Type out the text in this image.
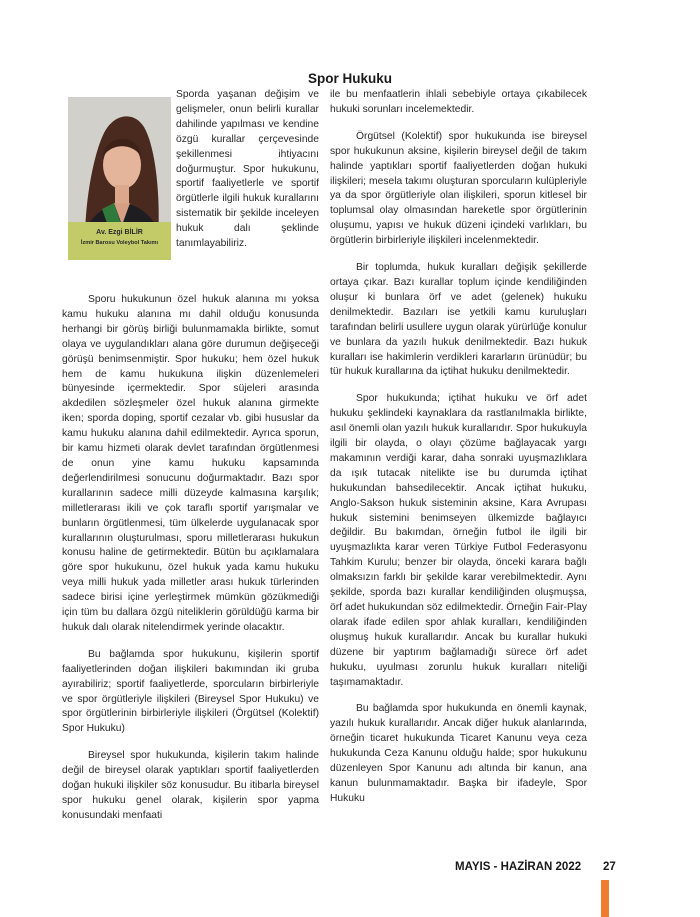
Spor Hukuku
Av. Ezgi BİLİR
İzmir Barosu Voleybol Takımı

Sporda yaşanan değişim ve gelişmeler, onun belirli kurallar dahilinde yapılması ve kendine özgü kurallar çerçevesinde şekillenmesi ihtiyacını doğurmuştur. Spor hukukunu, sportif faaliyetlerle ve sportif örgütlerle ilgili hukuk kurallarını sistematik bir şekilde inceleyen hukuk dalı şeklinde tanımlayabiliriz.

Sporu hukukunun özel hukuk alanına mı yoksa kamu hukuku alanına mı dahil olduğu konusunda herhangi bir görüş birliği bulunmamakla birlikte, somut olaya ve uygulandıkları alana göre durumun değişeceği görüşü benimsenmiştir. Spor hukuku; hem özel hukuk hem de kamu hukukuna ilişkin düzenlemeleri bünyesinde içermektedir. Spor süjeleri arasında akdedilen sözleşmeler özel hukuk alanına girmekte iken; sporda doping, sportif cezalar vb. gibi hususlar da kamu hukuku alanına dahil edilmektedir. Ayrıca sporun, bir kamu hizmeti olarak devlet tarafından örgütlenmesi de onun yine kamu hukuku kapsamında değerlendirilmesi sonucunu doğurmaktadır. Bazı spor kurallarının sadece milli düzeyde kalmasına karşılık; milletlerarası ikili ve çok taraflı sportif yarışmalar ve bunların örgütlenmesi, tüm ülkelerde uygulanacak spor kurallarının oluşturulması, sporu milletlerarası hukukun konusu haline de getirmektedir. Bütün bu açıklamalara göre spor hukukunu, özel hukuk yada kamu hukuku veya milli hukuk yada milletler arası hukuk türlerinden sadece birisi içine yerleştirmek mümkün gözükmediği için tüm bu dallara özgü niteliklerin görüldüğü karma bir hukuk dalı olarak nitelendirmek yerinde olacaktır.

Bu bağlamda spor hukukunu, kişilerin sportif faaliyetlerinden doğan ilişkileri bakımından iki gruba ayırabiliriz; sportif faaliyetlerde, sporcuların birbirleriyle ve spor örgütleriyle ilişkileri (Bireysel Spor Hukuku) ve spor örgütlerinin birbirleriyle ilişkileri (Örgütsel (Kolektif) Spor Hukuku)

Bireysel spor hukukunda, kişilerin takım halinde değil de bireysel olarak yaptıkları sportif faaliyetlerden doğan hukuki ilişkiler söz konusudur. Bu itibarla bireysel spor hukuku genel olarak, kişilerin spor yapma konusundaki menfaati

ile bu menfaatlerin ihlali sebebiyle ortaya çıkabilecek hukuki sorunları incelemektedir.

Örgütsel (Kolektif) spor hukukunda ise bireysel spor hukukunun aksine, kişilerin bireysel değil de takım halinde yaptıkları sportif faaliyetlerden doğan hukuki ilişkileri; mesela takımı oluşturan sporcuların kulüpleriyle ya da spor örgütleriyle olan ilişkileri, sporun kitlesel bir toplumsal olay olmasından hareketle spor örgütlerinin oluşumu, yapısı ve hukuk düzeni içindeki varlıkları, bu örgütlerin birbirleriyle ilişkileri incelenmektedir.

Bir toplumda, hukuk kuralları değişik şekillerde ortaya çıkar. Bazı kurallar toplum içinde kendiliğinden oluşur ki bunlara örf ve adet (gelenek) hukuku denilmektedir. Bazıları ise yetkili kamu kuruluşları tarafından belirli usullere uygun olarak yürürlüğe konulur ve bunlara da yazılı hukuk denilmektedir. Bazı hukuk kuralları ise hakimlerin verdikleri kararların ürünüdür; bu tür hukuk kurallarına da içtihat hukuku denilmektedir.

Spor hukukunda; içtihat hukuku ve örf adet hukuku şeklindeki kaynaklara da rastlanılmakla birlikte, asıl önemli olan yazılı hukuk kurallarıdır. Spor hukukuyla ilgili bir olayda, o olayı çözüme bağlayacak yargı makamının verdiği karar, daha sonraki uyuşmazlıklara da ışık tutacak nitelikte ise bu durumda içtihat hukukundan bahsedilecektir. Ancak içtihat hukuku, Anglo-Sakson hukuk sisteminin aksine, Kara Avrupası hukuk sistemini benimseyen ülkemizde bağlayıcı değildir. Bu bakımdan, örneğin futbol ile ilgili bir uyuşmazlıkta karar veren Türkiye Futbol Federasyonu Tahkim Kurulu; benzer bir olayda, önceki karara bağlı olmaksızın farklı bir şekilde karar verebilmektedir. Aynı şekilde, sporda bazı kurallar kendiliğinden oluşmuşsa, örf adet hukukundan söz edilmektedir. Örneğin Fair-Play olarak ifade edilen spor ahlak kuralları, kendiliğinden oluşmuş hukuk kurallarıdır. Ancak bu kurallar hukuki düzene bir yaptırım bağlamadığı sürece örf adet hukuku, uyulması zorunlu hukuk kuralları niteliği taşımamaktadır.

Bu bağlamda spor hukukunda en önemli kaynak, yazılı hukuk kurallarıdır. Ancak diğer hukuk alanlarında, örneğin ticaret hukukunda Ticaret Kanunu veya ceza hukukunda Ceza Kanunu olduğu halde; spor hukukunu düzenleyen Spor Kanunu adı altında bir kanun, ana kanun bulunmamaktadır. Başka bir ifadeyle, Spor Hukuku

MAYIS - HAZİRAN 2022 27
